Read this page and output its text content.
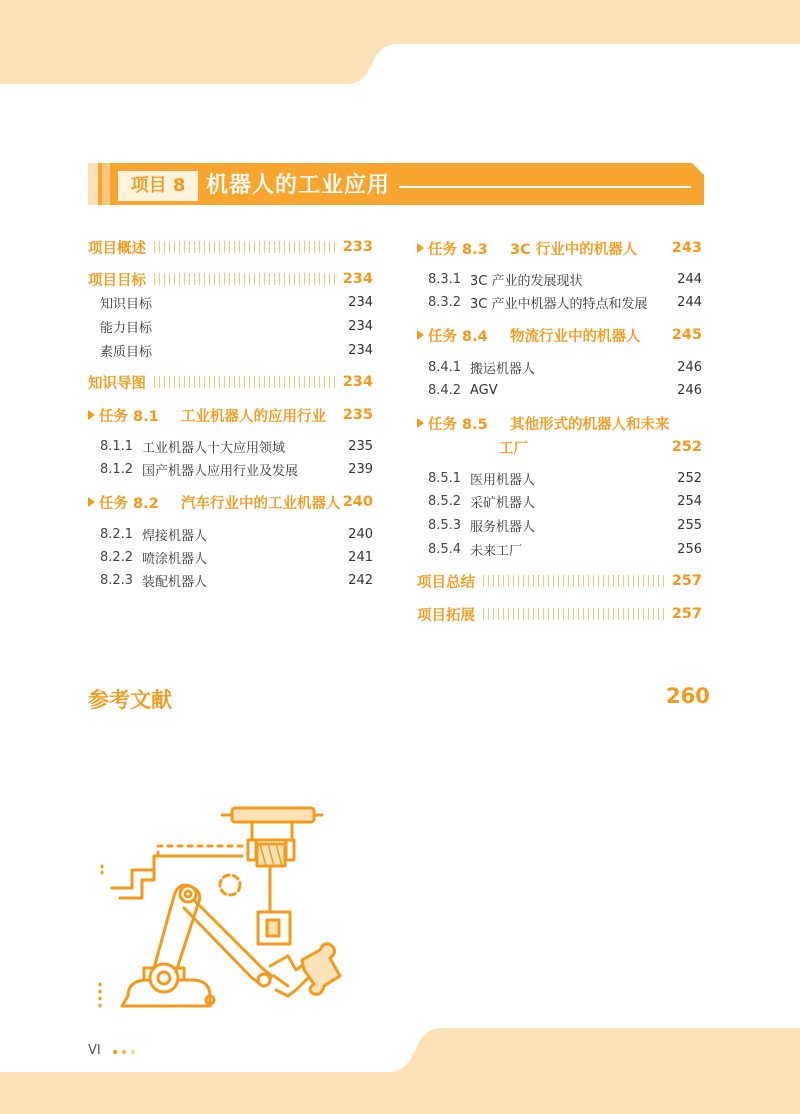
项目 8 机器人的工业应用
项目概述	233
项目目标	234
知识目标	234
能力目标	234
素质目标	234
知识导图	234
任务 8.1	工业机器人的应用行业 235
8.1.1 工业机器人十大应用领域	235
8.1.2 国产机器人应用行业及发展	239
任务 8.2	汽车行业中的工业机器人 240
8.2.1 焊接机器人	240
8.2.2 喷涂机器人	241
8.2.3 装配机器人	242
任务 8.3	3C 行业中的机器人 243
8.3.1 3C 产业的发展现状	244
8.3.2 3C 产业中机器人的特点和发展 244
任务 8.4	物流行业中的机器人 245
8.4.1 搬运机器人	246
8.4.2 AGV	246
任务 8.5	其他形式的机器人和未来
工厂	252
8.5.1 医用机器人	252
8.5.2 采矿机器人	254
8.5.3 服务机器人	255
8.5.4 未来工厂	256
项目总结	257
项目拓展	257
参考文献	260
VI
